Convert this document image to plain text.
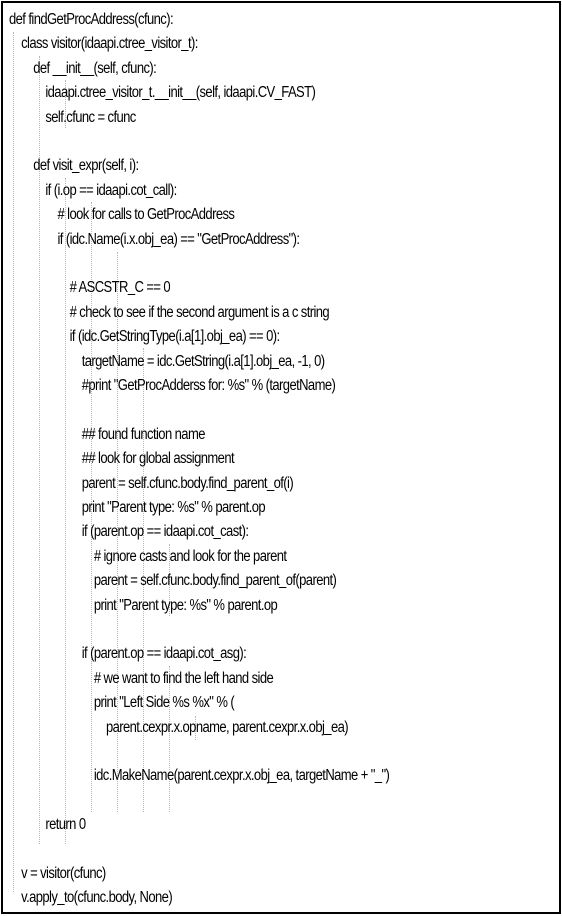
def findGetProcAddress(cfunc):
class visitor(idaapi.ctree_visitor_t):
def __init__(self, cfunc):
idaapi.ctree_visitor_t.__init__(self, idaapi.CV_FAST)
self.cfunc = cfunc
def visit_expr(self, i):
if (i.op == idaapi.cot_call):
# look for calls to GetProcAddress
if (idc.Name(i.x.obj_ea) == "GetProcAddress"):
# ASCSTR_C == 0
# check to see if the second argument is a c string
if (idc.GetStringType(i.a[1].obj_ea) == 0):
targetName = idc.GetString(i.a[1].obj_ea, -1, 0)
#print "GetProcAdderss for: %s" % (targetName)
## found function name
## look for global assignment
parent = self.cfunc.body.find_parent_of(i)
print "Parent type: %s" % parent.op
if (parent.op == idaapi.cot_cast):
# ignore casts and look for the parent
parent = self.cfunc.body.find_parent_of(parent)
print "Parent type: %s" % parent.op
if (parent.op == idaapi.cot_asg):
# we want to find the left hand side
print "Left Side %s %x" % (
parent.cexpr.x.opname, parent.cexpr.x.obj_ea)
idc.MakeName(parent.cexpr.x.obj_ea, targetName + "_")
return 0
v = visitor(cfunc)
v.apply_to(cfunc.body, None)
